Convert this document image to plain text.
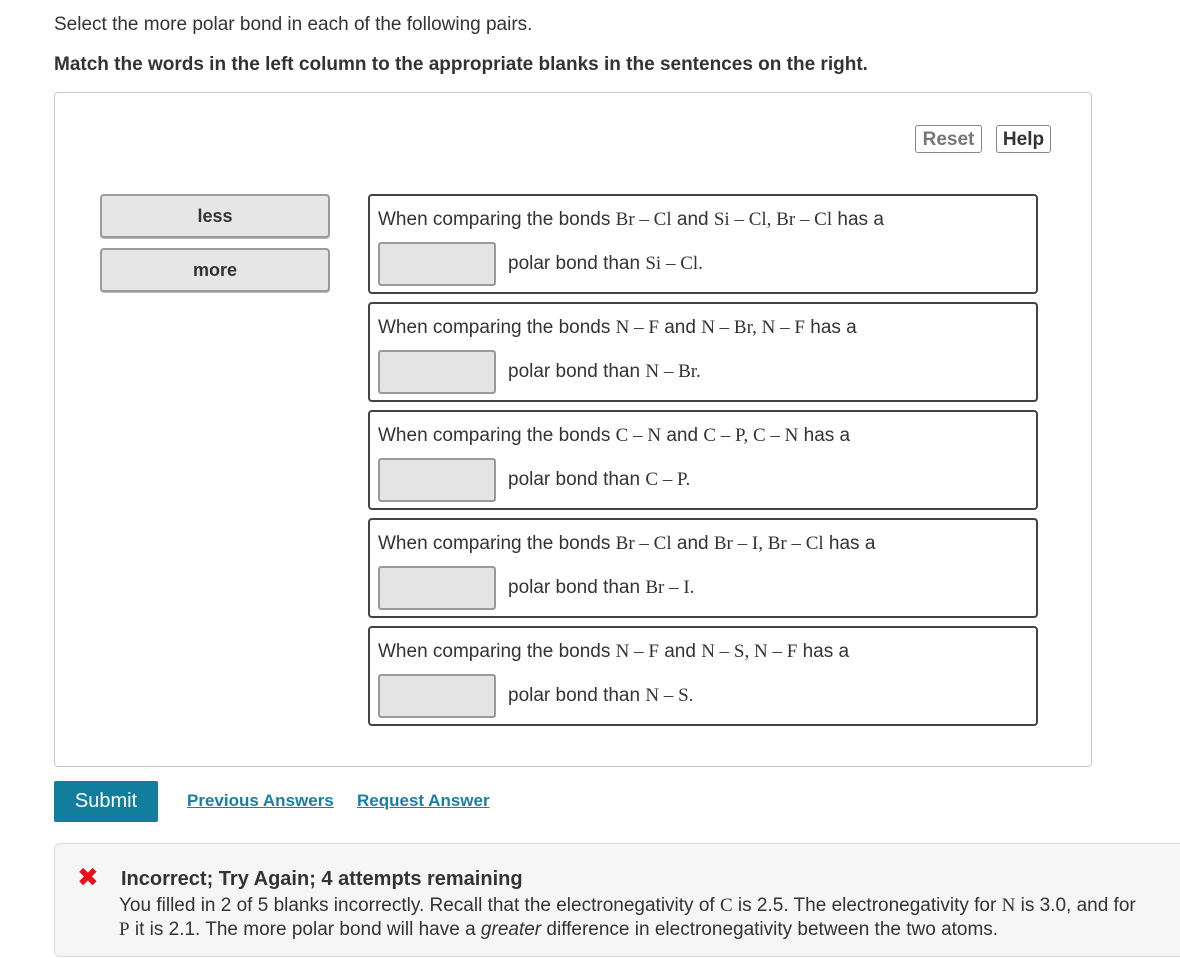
Select the more polar bond in each of the following pairs.
Match the words in the left column to the appropriate blanks in the sentences on the right.
Reset	Help
less
more
When comparing the bonds Br – Cl and Si – Cl, Br – Cl has a
polar bond than Si – Cl.
When comparing the bonds N – F and N – Br, N – F has a
polar bond than N – Br.
When comparing the bonds C – N and C – P, C – N has a
polar bond than C – P.
When comparing the bonds Br – Cl and Br – I, Br – Cl has a
polar bond than Br – I.
When comparing the bonds N – F and N – S, N – F has a
polar bond than N – S.
Submit	Previous Answers Request Answer
✖ Incorrect; Try Again; 4 attempts remaining
You filled in 2 of 5 blanks incorrectly. Recall that the electronegativity of C is 2.5. The electronegativity for N is 3.0, and for
P it is 2.1. The more polar bond will have a greater difference in electronegativity between the two atoms.
